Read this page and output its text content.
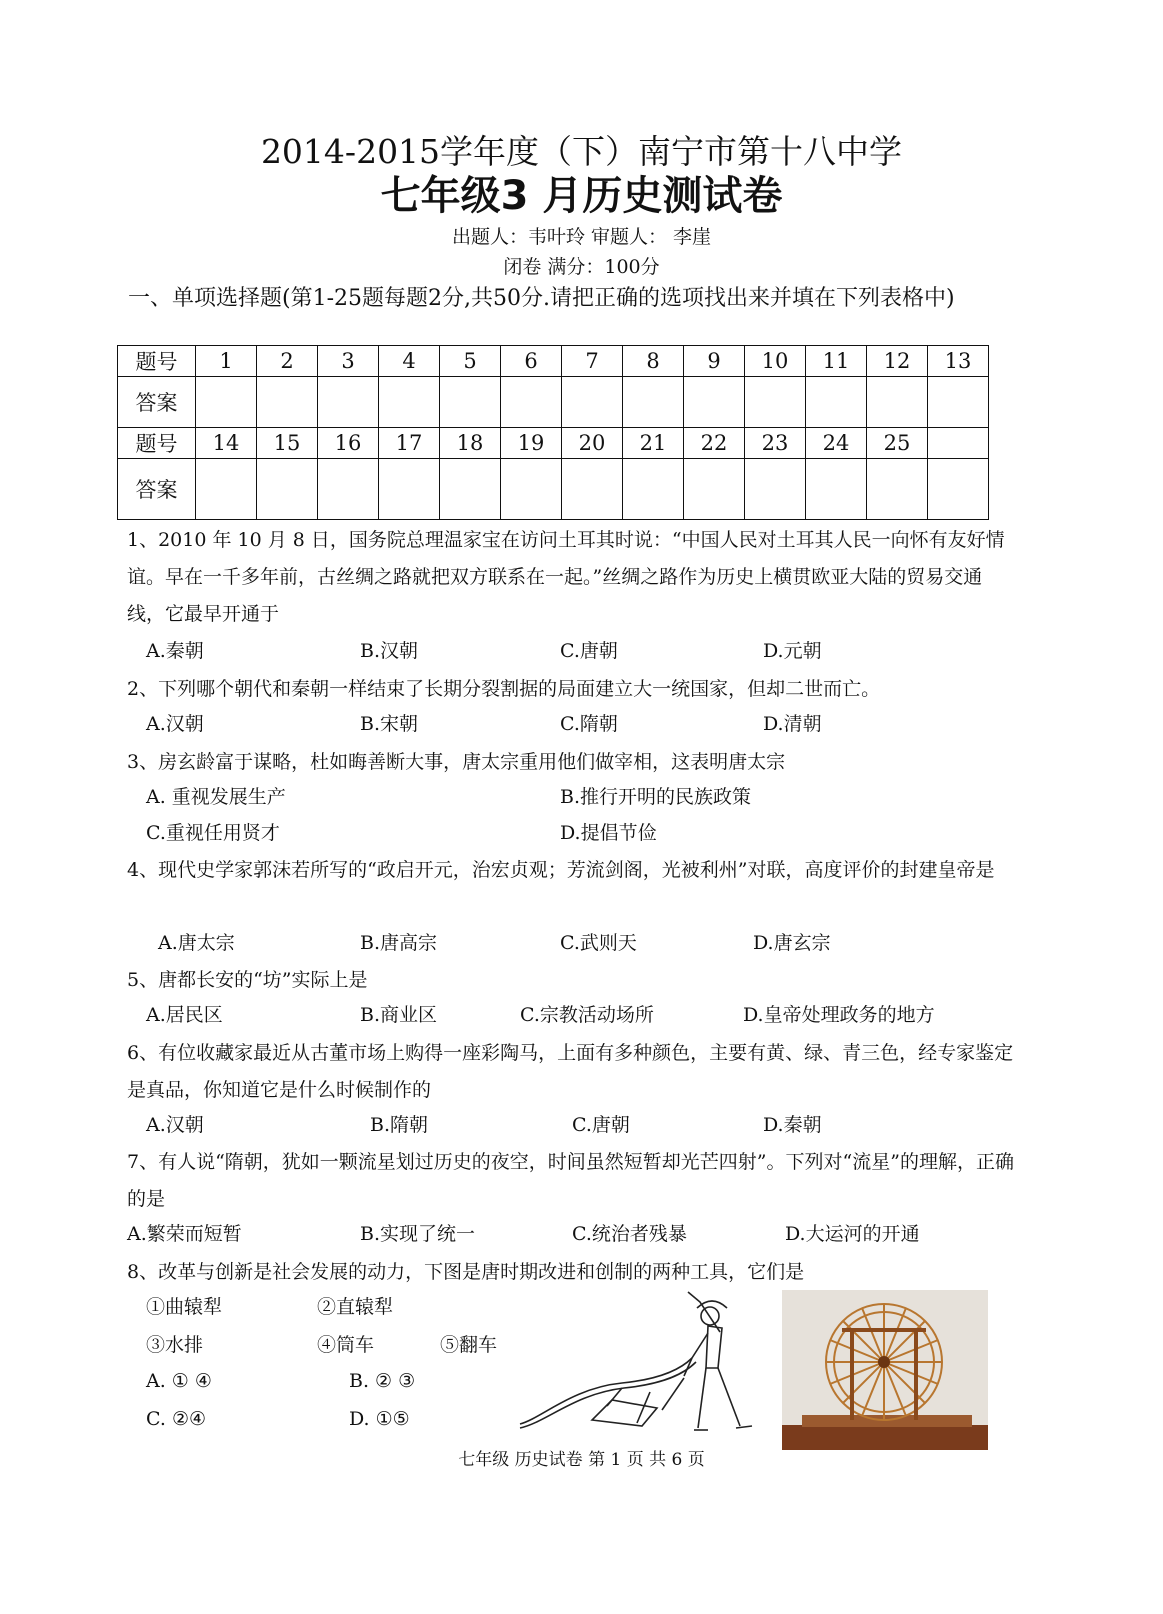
2014-2015学年度（下）南宁市第十八中学
七年级3 月历史测试卷
出题人：韦叶玲 审题人： 李崖
闭卷 满分：100分
一、单项选择题(第1-25题每题2分,共50分.请把正确的选项找出来并填在下列表格中)
题号	1	2	3	4	5	6	7	8	9	10	11	12	13
答案													
题号	14	15	16	17	18	19	20	21	22	23	24	25	
答案													
1、2010 年 10 月 8 日，国务院总理温家宝在访问土耳其时说：“中国人民对土耳其人民一向怀有友好情谊。早在一千多年前，古丝绸之路就把双方联系在一起。”丝绸之路作为历史上横贯欧亚大陆的贸易交通线，它最早开通于
A.秦朝	B.汉朝	C.唐朝	D.元朝
2、下列哪个朝代和秦朝一样结束了长期分裂割据的局面建立大一统国家，但却二世而亡。
A.汉朝	B.宋朝	C.隋朝	D.清朝
3、房玄龄富于谋略，杜如晦善断大事，唐太宗重用他们做宰相，这表明唐太宗
A. 重视发展生产	B.推行开明的民族政策
C.重视任用贤才	D.提倡节俭
4、现代史学家郭沫若所写的“政启开元，治宏贞观；芳流剑阁，光被利州”对联，高度评价的封建皇帝是
A.唐太宗	B.唐高宗	C.武则天	D.唐玄宗
5、唐都长安的“坊”实际上是
A.居民区	B.商业区	C.宗教活动场所	D.皇帝处理政务的地方
6、有位收藏家最近从古董市场上购得一座彩陶马，上面有多种颜色，主要有黄、绿、青三色，经专家鉴定是真品，你知道它是什么时候制作的
A.汉朝	B.隋朝	C.唐朝	D.秦朝
7、有人说“隋朝，犹如一颗流星划过历史的夜空，时间虽然短暂却光芒四射”。下列对“流星”的理解，正确的是
A.繁荣而短暂	B.实现了统一	C.统治者残暴	D.大运河的开通
8、改革与创新是社会发展的动力，下图是唐时期改进和创制的两种工具，它们是
①曲辕犁	②直辕犁
③水排	④筒车	⑤翻车
A. ① ④	B. ② ③
C. ②④	D. ①⑤
七年级 历史试卷 第 1 页 共 6 页
